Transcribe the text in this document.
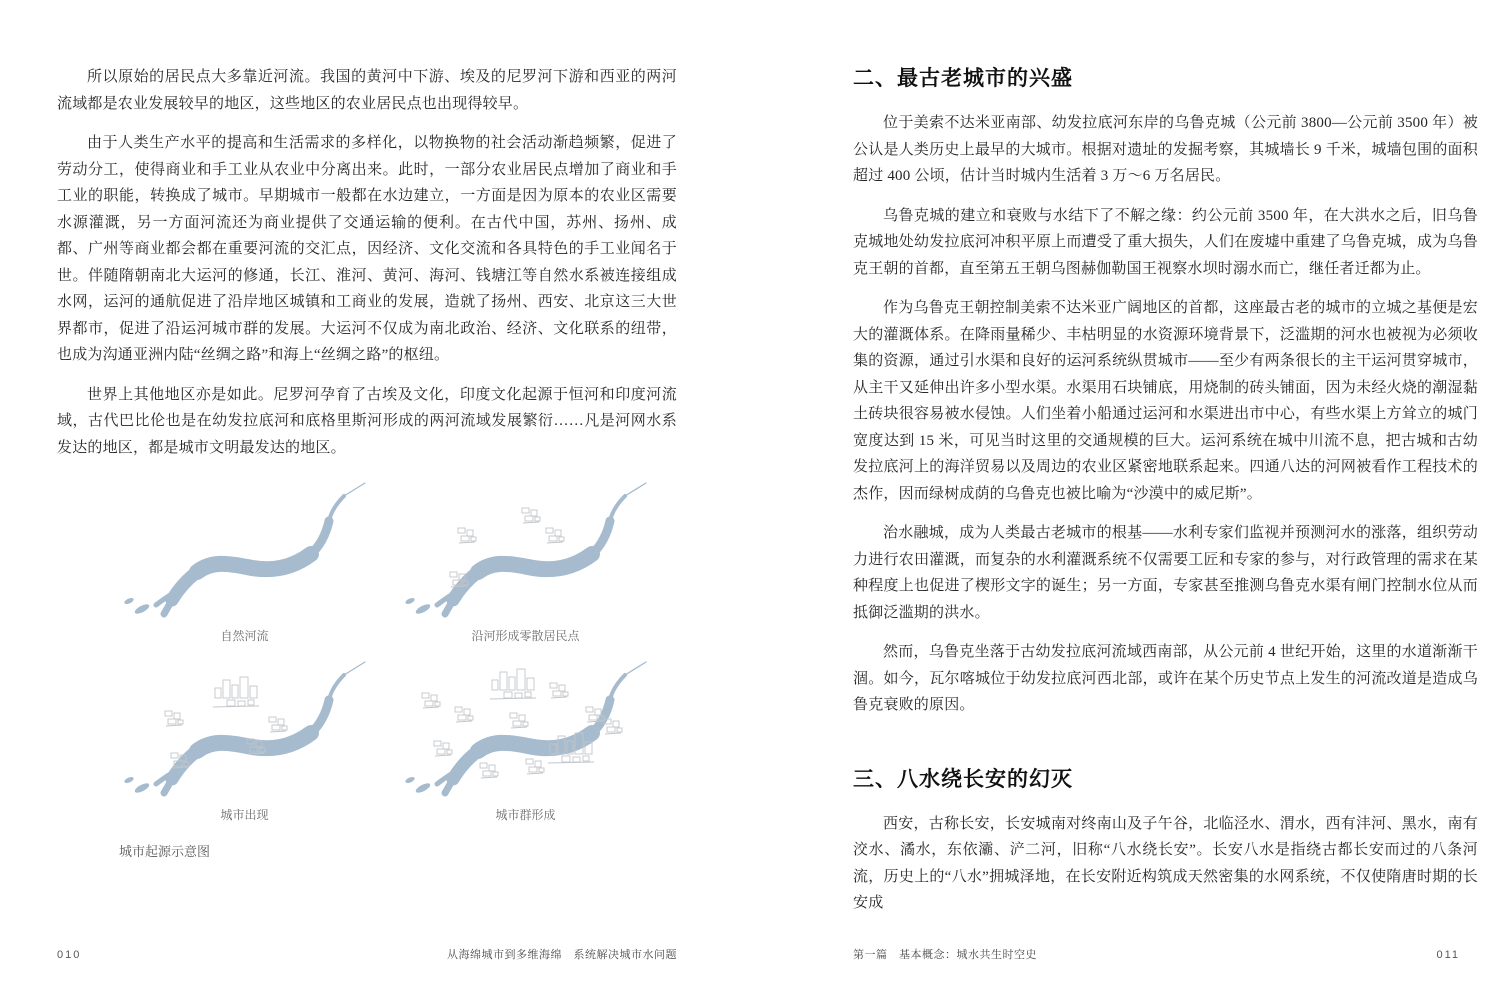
所以原始的居民点大多靠近河流。我国的黄河中下游、埃及的尼罗河下游和西亚的两河流域都是农业发展较早的地区，这些地区的农业居民点也出现得较早。

由于人类生产水平的提高和生活需求的多样化，以物换物的社会活动渐趋频繁，促进了劳动分工，使得商业和手工业从农业中分离出来。此时，一部分农业居民点增加了商业和手工业的职能，转换成了城市。早期城市一般都在水边建立，一方面是因为原本的农业区需要水源灌溉，另一方面河流还为商业提供了交通运输的便利。在古代中国，苏州、扬州、成都、广州等商业都会都在重要河流的交汇点，因经济、文化交流和各具特色的手工业闻名于世。伴随隋朝南北大运河的修通，长江、淮河、黄河、海河、钱塘江等自然水系被连接组成水网，运河的通航促进了沿岸地区城镇和工商业的发展，造就了扬州、西安、北京这三大世界都市，促进了沿运河城市群的发展。大运河不仅成为南北政治、经济、文化联系的纽带，也成为沟通亚洲内陆“丝绸之路”和海上“丝绸之路”的枢纽。

世界上其他地区亦是如此。尼罗河孕育了古埃及文化，印度文化起源于恒河和印度河流域，古代巴比伦也是在幼发拉底河和底格里斯河形成的两河流域发展繁衍……凡是河网水系发达的地区，都是城市文明最发达的地区。

自然河流	沿河形成零散居民点
城市出现	城市群形成
城市起源示意图
010	从海绵城市到多维海绵　系统解决城市水问题
二、最古老城市的兴盛

位于美索不达米亚南部、幼发拉底河东岸的乌鲁克城（公元前 3800—公元前 3500 年）被公认是人类历史上最早的大城市。根据对遗址的发掘考察，其城墙长 9 千米，城墙包围的面积超过 400 公顷，估计当时城内生活着 3 万～6 万名居民。

乌鲁克城的建立和衰败与水结下了不解之缘：约公元前 3500 年，在大洪水之后，旧乌鲁克城地处幼发拉底河冲积平原上而遭受了重大损失，人们在废墟中重建了乌鲁克城，成为乌鲁克王朝的首都，直至第五王朝乌图赫伽勒国王视察水坝时溺水而亡，继任者迁都为止。

作为乌鲁克王朝控制美索不达米亚广阔地区的首都，这座最古老的城市的立城之基便是宏大的灌溉体系。在降雨量稀少、丰枯明显的水资源环境背景下，泛滥期的河水也被视为必须收集的资源，通过引水渠和良好的运河系统纵贯城市——至少有两条很长的主干运河贯穿城市，从主干又延伸出许多小型水渠。水渠用石块铺底，用烧制的砖头铺面，因为未经火烧的潮湿黏土砖块很容易被水侵蚀。人们坐着小船通过运河和水渠进出市中心，有些水渠上方耸立的城门宽度达到 15 米，可见当时这里的交通规模的巨大。运河系统在城中川流不息，把古城和古幼发拉底河上的海洋贸易以及周边的农业区紧密地联系起来。四通八达的河网被看作工程技术的杰作，因而绿树成荫的乌鲁克也被比喻为“沙漠中的威尼斯”。

治水融城，成为人类最古老城市的根基——水利专家们监视并预测河水的涨落，组织劳动力进行农田灌溉，而复杂的水利灌溉系统不仅需要工匠和专家的参与，对行政管理的需求在某种程度上也促进了楔形文字的诞生；另一方面，专家甚至推测乌鲁克水渠有闸门控制水位从而抵御泛滥期的洪水。

然而，乌鲁克坐落于古幼发拉底河流域西南部，从公元前 4 世纪开始，这里的水道渐渐干涸。如今，瓦尔喀城位于幼发拉底河西北部，或许在某个历史节点上发生的河流改道是造成乌鲁克衰败的原因。

三、八水绕长安的幻灭

西安，古称长安，长安城南对终南山及子午谷，北临泾水、渭水，西有沣河、黑水，南有洨水、潏水，东依灞、浐二河，旧称“八水绕长安”。长安八水是指绕古都长安而过的八条河流，历史上的“八水”拥城泽地，在长安附近构筑成天然密集的水网系统，不仅使隋唐时期的长安成

第一篇　基本概念：城水共生时空史	011
